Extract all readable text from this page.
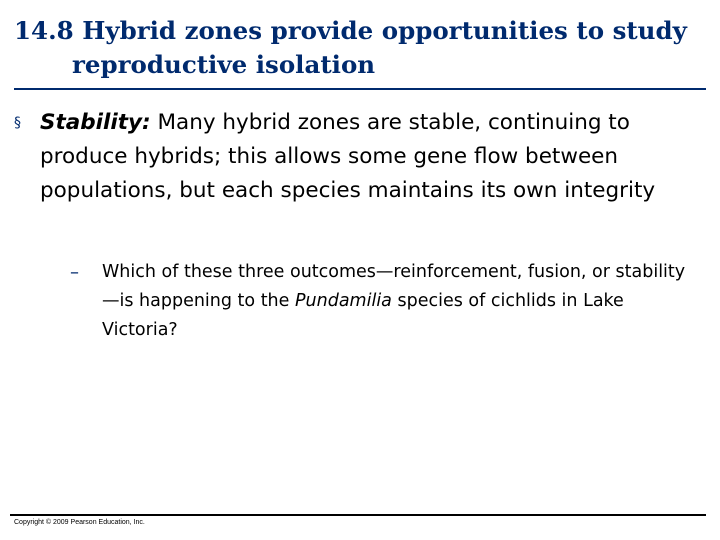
14.8 Hybrid zones provide opportunities to study
reproductive isolation
§ Stability: Many hybrid zones are stable, continuing to produce hybrids; this allows some gene flow between populations, but each species maintains its own integrity
–	Which of these three outcomes—reinforcement, fusion, or stability—is happening to the Pundamilia species of cichlids in Lake Victoria?
Copyright © 2009 Pearson Education, Inc.
